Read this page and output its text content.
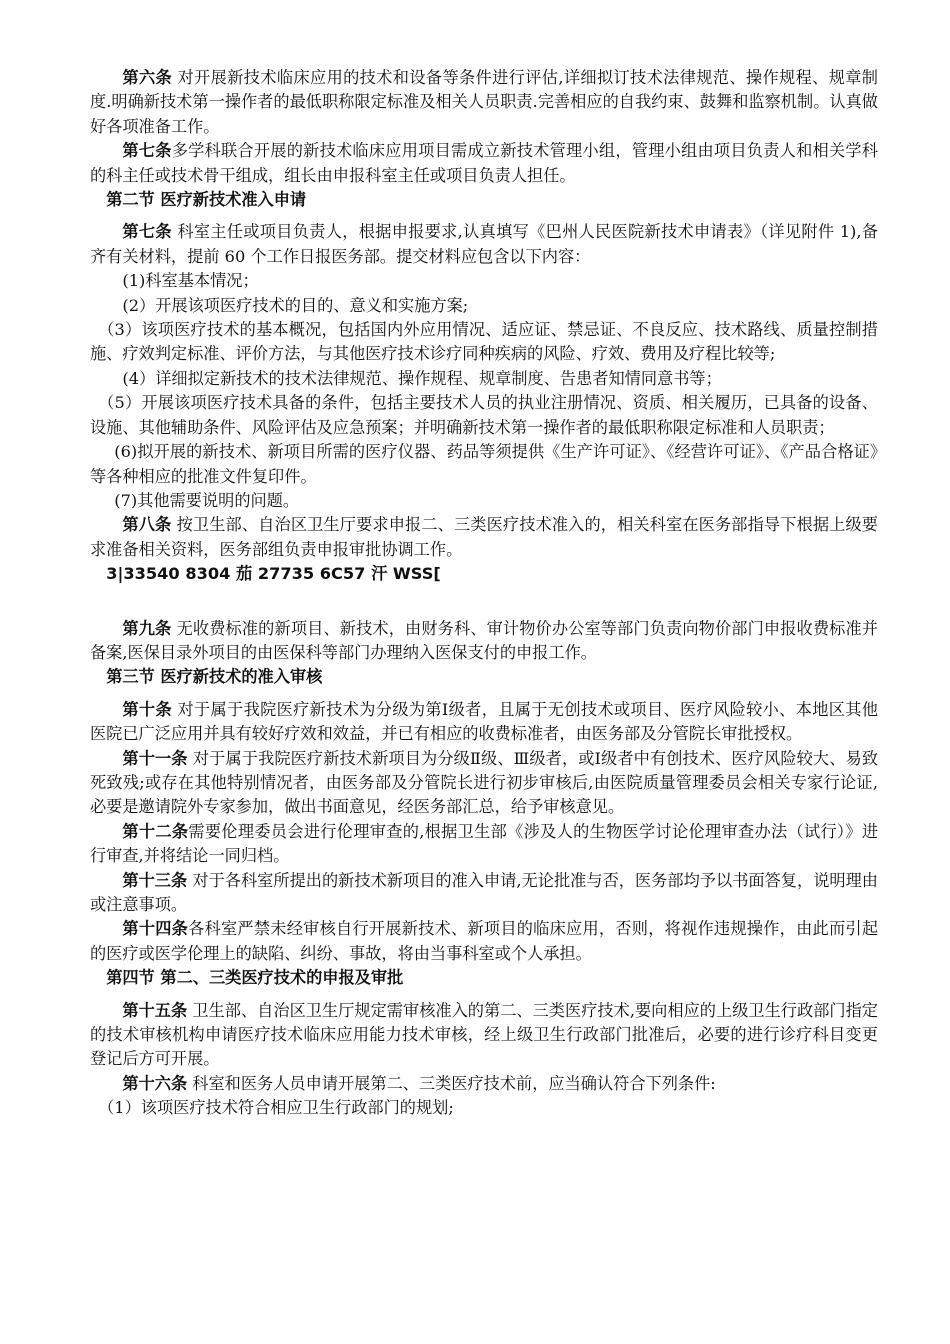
第六条 对开展新技术临床应用的技术和设备等条件进行评估,详细拟订技术法律规范、操作规程、规章制度.明确新技术第一操作者的最低职称限定标准及相关人员职责.完善相应的自我约束、鼓舞和监察机制。认真做好各项准备工作。

第七条多学科联合开展的新技术临床应用项目需成立新技术管理小组，管理小组由项目负责人和相关学科的科主任或技术骨干组成，组长由申报科室主任或项目负责人担任。

第二节 医疗新技术准入申请

第七条 科室主任或项目负责人，根据申报要求,认真填写《巴州人民医院新技术申请表》（详见附件 1),备齐有关材料，提前 60 个工作日报医务部。提交材料应包含以下内容：

(1)科室基本情况；

(2）开展该项医疗技术的目的、意义和实施方案;

（3）该项医疗技术的基本概况，包括国内外应用情况、适应证、禁忌证、不良反应、技术路线、质量控制措施、疗效判定标准、评价方法，与其他医疗技术诊疗同种疾病的风险、疗效、费用及疗程比较等;

(4）详细拟定新技术的技术法律规范、操作规程、规章制度、告患者知情同意书等；

（5）开展该项医疗技术具备的条件，包括主要技术人员的执业注册情况、资质、相关履历，已具备的设备、设施、其他辅助条件、风险评估及应急预案；并明确新技术第一操作者的最低职称限定标准和人员职责；

(6)拟开展的新技术、新项目所需的医疗仪器、药品等须提供《生产许可证》、《经营许可证》、《产品合格证》等各种相应的批准文件复印件。

(7)其他需要说明的问题。

第八条 按卫生部、自治区卫生厅要求申报二、三类医疗技术准入的，相关科室在医务部指导下根据上级要求准备相关资料，医务部组负责申报审批协调工作。

3|33540 8304 茄 27735 6C57 汗 WSS[

第九条 无收费标准的新项目、新技术，由财务科、审计物价办公室等部门负责向物价部门申报收费标准并备案,医保目录外项目的由医保科等部门办理纳入医保支付的申报工作。

第三节 医疗新技术的准入审核

第十条 对于属于我院医疗新技术为分级为第Ⅰ级者，且属于无创技术或项目、医疗风险较小、本地区其他医院已广泛应用并具有较好疗效和效益，并已有相应的收费标准者，由医务部及分管院长审批授权。

第十一条 对于属于我院医疗新技术新项目为分级Ⅱ级、Ⅲ级者，或Ⅰ级者中有创技术、医疗风险较大、易致死致残;或存在其他特别情况者，由医务部及分管院长进行初步审核后,由医院质量管理委员会相关专家行论证,必要是邀请院外专家参加，做出书面意见，经医务部汇总，给予审核意见。

第十二条需要伦理委员会进行伦理审查的,根据卫生部《涉及人的生物医学讨论伦理审查办法（试行）》进行审查,并将结论一同归档。

第十三条 对于各科室所提出的新技术新项目的准入申请,无论批准与否，医务部均予以书面答复，说明理由或注意事项。

第十四条各科室严禁未经审核自行开展新技术、新项目的临床应用，否则，将视作违规操作，由此而引起的医疗或医学伦理上的缺陷、纠纷、事故，将由当事科室或个人承担。

第四节 第二、三类医疗技术的申报及审批

第十五条 卫生部、自治区卫生厅规定需审核准入的第二、三类医疗技术,要向相应的上级卫生行政部门指定的技术审核机构申请医疗技术临床应用能力技术审核，经上级卫生行政部门批准后，必要的进行诊疗科目变更登记后方可开展。

第十六条 科室和医务人员申请开展第二、三类医疗技术前，应当确认符合下列条件:

（1）该项医疗技术符合相应卫生行政部门的规划;
